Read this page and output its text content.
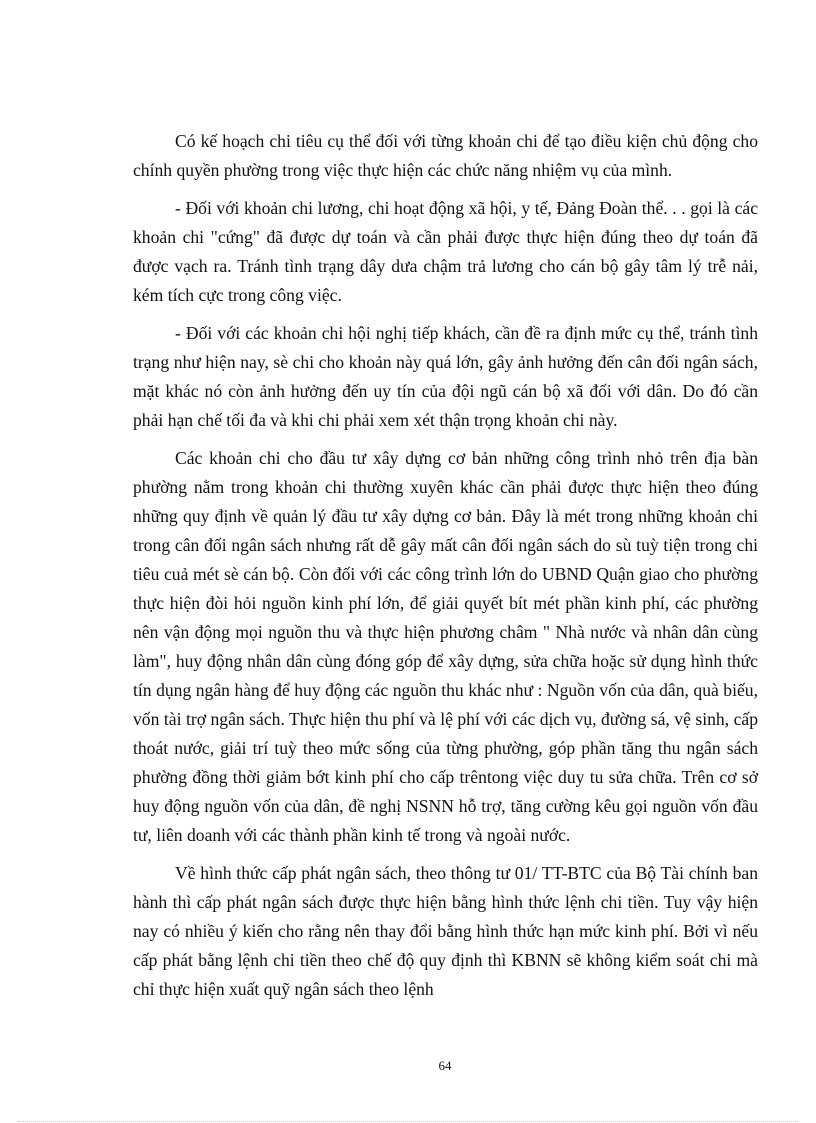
Có kế hoạch chi tiêu cụ thể đối với từng khoản chi để tạo điều kiện chủ động cho chính quyền phường trong việc thực hiện các chức năng nhiệm vụ của mình.

- Đối với khoản chi lương, chi hoạt động xã hội, y tế, Đảng Đoàn thể. . . gọi là các khoản chi "cứng" đã được dự toán và cần phải được thực hiện đúng theo dự toán đã được vạch ra. Tránh tình trạng dây dưa chậm trả lương cho cán bộ gây tâm lý trễ nải, kém tích cực trong công việc.

- Đối với các khoản chi hội nghị tiếp khách, cần đề ra định mức cụ thể, tránh tình trạng như hiện nay, sè chi cho khoản này quá lớn, gây ảnh hưởng đến cân đối ngân sách, mặt khác nó còn ảnh hưởng đến uy tín của đội ngũ cán bộ xã đối với dân. Do đó cần phải hạn chế tối đa và khi chi phải xem xét thận trọng khoản chi này.

Các khoản chi cho đầu tư xây dựng cơ bản những công trình nhỏ trên địa bàn phường nằm trong khoản chi thường xuyên khác cần phải được thực hiện theo đúng những quy định về quản lý đầu tư xây dựng cơ bản. Đây là mét trong những khoản chi trong cân đối ngân sách nhưng rất dễ gây mất cân đối ngân sách do sù tuỳ tiện trong chi tiêu cuả mét sè cán bộ. Còn đối với các công trình lớn do UBND Quận giao cho phường thực hiện đòi hỏi nguồn kinh phí lớn, để giải quyết bít mét phần kinh phí, các phường nên vận động mọi nguồn thu và thực hiện phương châm " Nhà nước và nhân dân cùng làm", huy động nhân dân cùng đóng góp để xây dựng, sửa chữa hoặc sử dụng hình thức tín dụng ngân hàng để huy động các nguồn thu khác như : Nguồn vốn của dân, quà biếu, vốn tài trợ ngân sách. Thực hiện thu phí và lệ phí với các dịch vụ, đường sá, vệ sinh, cấp thoát nước, giải trí tuỳ theo mức sống của từng phường, góp phần tăng thu ngân sách phường đồng thời giảm bớt kinh phí cho cấp trêntong việc duy tu sửa chữa. Trên cơ sở huy động nguồn vốn của dân, đề nghị NSNN hỗ trợ, tăng cường kêu gọi nguồn vốn đầu tư, liên doanh với các thành phần kinh tế trong và ngoài nước.

Về hình thức cấp phát ngân sách, theo thông tư 01/ TT-BTC của Bộ Tài chính ban hành thì cấp phát ngân sách được thực hiện bằng hình thức lệnh chi tiền. Tuy vậy hiện nay có nhiều ý kiến cho rằng nên thay đổi bằng hình thức hạn mức kinh phí. Bởi vì nếu cấp phát bằng lệnh chi tiền theo chế độ quy định thì KBNN sẽ không kiểm soát chi mà chỉ thực hiện xuất quỹ ngân sách theo lệnh

64
